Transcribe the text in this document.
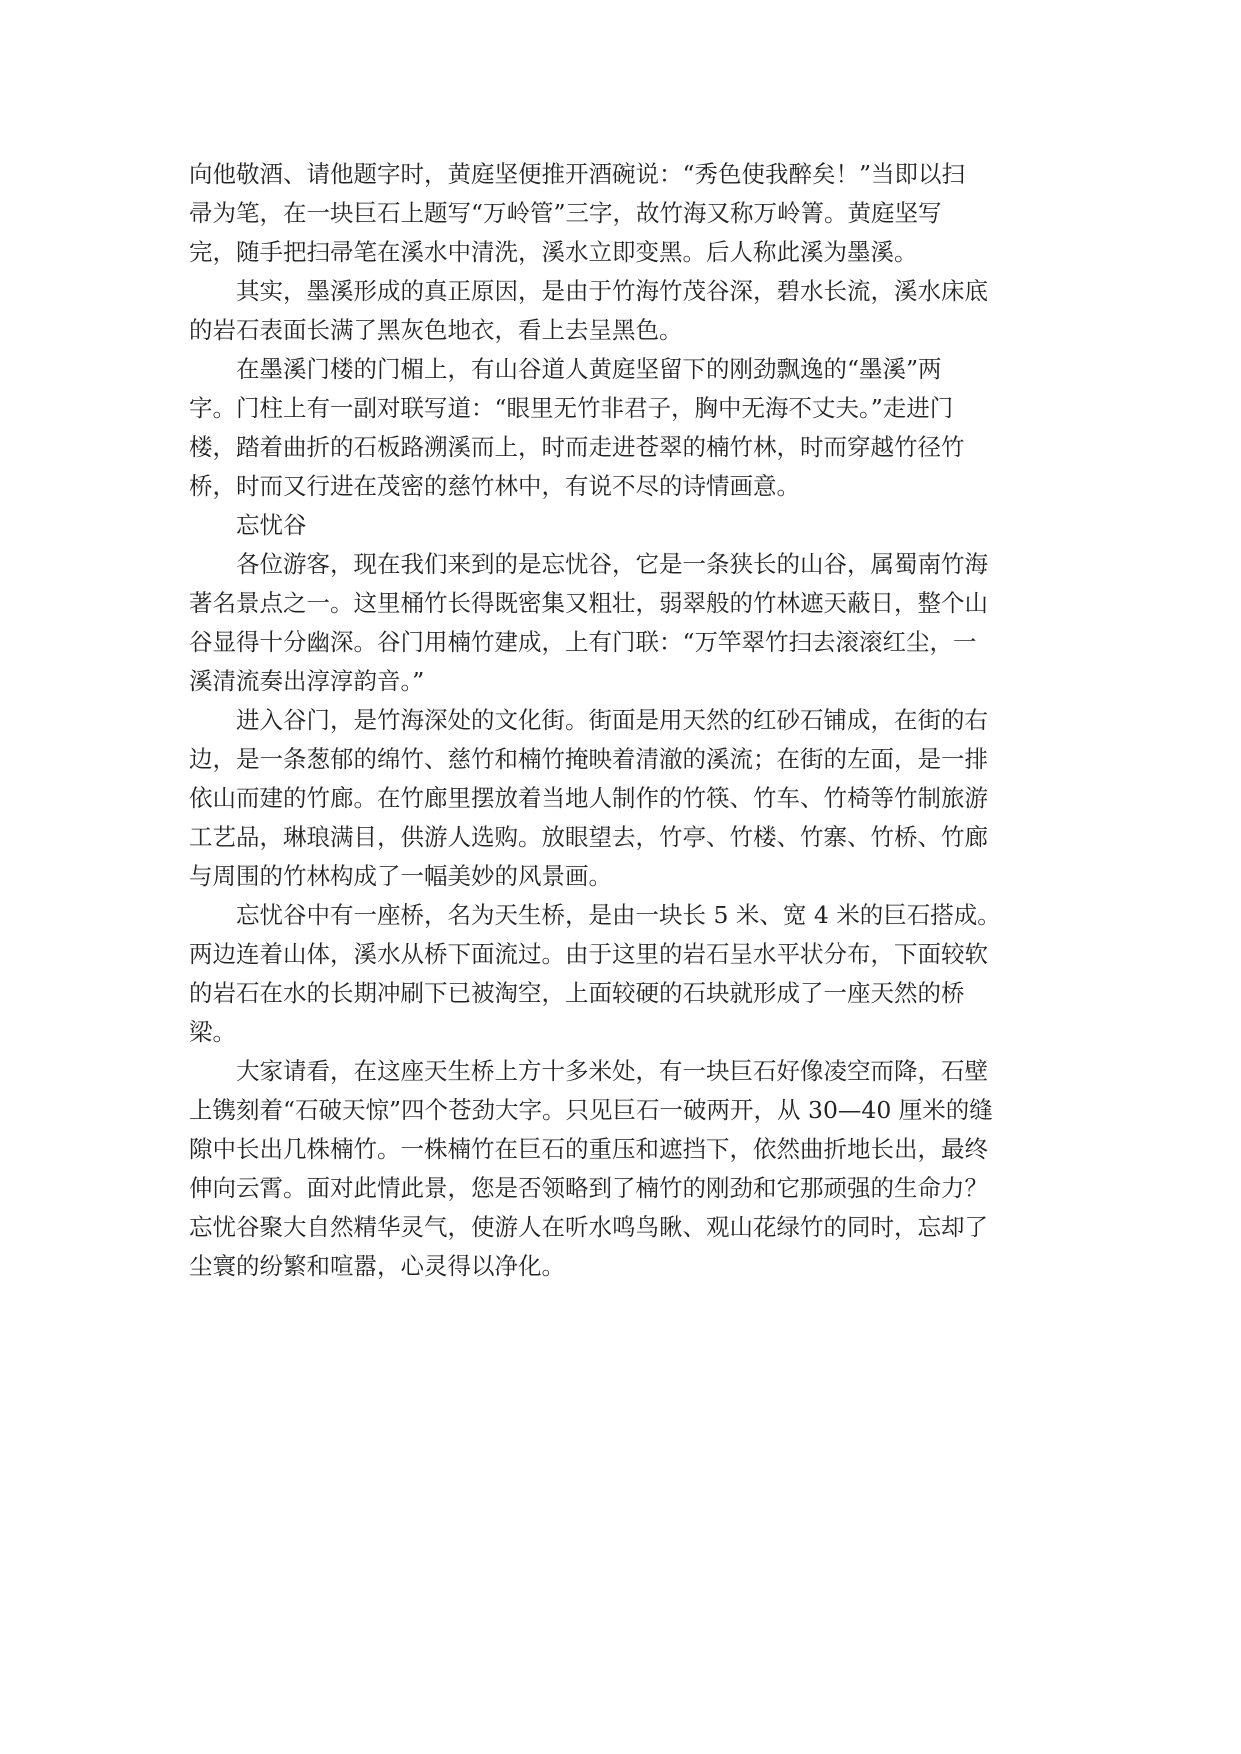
向他敬酒、请他题字时，黄庭坚便推开酒碗说：“秀色使我醉矣！”当即以扫
帚为笔，在一块巨石上题写“万岭管”三字，故竹海又称万岭箐。黄庭坚写
完，随手把扫帚笔在溪水中清洗，溪水立即变黑。后人称此溪为墨溪。
其实，墨溪形成的真正原因，是由于竹海竹茂谷深，碧水长流，溪水床底
的岩石表面长满了黑灰色地衣，看上去呈黑色。
在墨溪门楼的门楣上，有山谷道人黄庭坚留下的刚劲飘逸的“墨溪”两
字。门柱上有一副对联写道：“眼里无竹非君子，胸中无海不丈夫。”走进门
楼，踏着曲折的石板路溯溪而上，时而走进苍翠的楠竹林，时而穿越竹径竹
桥，时而又行进在茂密的慈竹林中，有说不尽的诗情画意。
忘忧谷
各位游客，现在我们来到的是忘忧谷，它是一条狭长的山谷，属蜀南竹海
著名景点之一。这里桶竹长得既密集又粗壮，弱翠般的竹林遮天蔽日，整个山
谷显得十分幽深。谷门用楠竹建成，上有门联：“万竿翠竹扫去滚滚红尘，一
溪清流奏出淳淳韵音。”
进入谷门，是竹海深处的文化街。街面是用天然的红砂石铺成，在街的右
边，是一条葱郁的绵竹、慈竹和楠竹掩映着清澈的溪流；在街的左面，是一排
依山而建的竹廊。在竹廊里摆放着当地人制作的竹筷、竹车、竹椅等竹制旅游
工艺品，琳琅满目，供游人选购。放眼望去，竹亭、竹楼、竹寨、竹桥、竹廊
与周围的竹林构成了一幅美妙的风景画。
忘忧谷中有一座桥，名为天生桥，是由一块长 5 米、宽 4 米的巨石搭成。
两边连着山体，溪水从桥下面流过。由于这里的岩石呈水平状分布，下面较软
的岩石在水的长期冲刷下已被淘空，上面较硬的石块就形成了一座天然的桥
梁。
大家请看，在这座天生桥上方十多米处，有一块巨石好像凌空而降，石壁
上镌刻着“石破天惊”四个苍劲大字。只见巨石一破两开，从 30—40 厘米的缝
隙中长出几株楠竹。一株楠竹在巨石的重压和遮挡下，依然曲折地长出，最终
伸向云霄。面对此情此景，您是否领略到了楠竹的刚劲和它那顽强的生命力？
忘忧谷聚大自然精华灵气，使游人在听水鸣鸟瞅、观山花绿竹的同时，忘却了
尘寰的纷繁和喧嚣，心灵得以净化。
